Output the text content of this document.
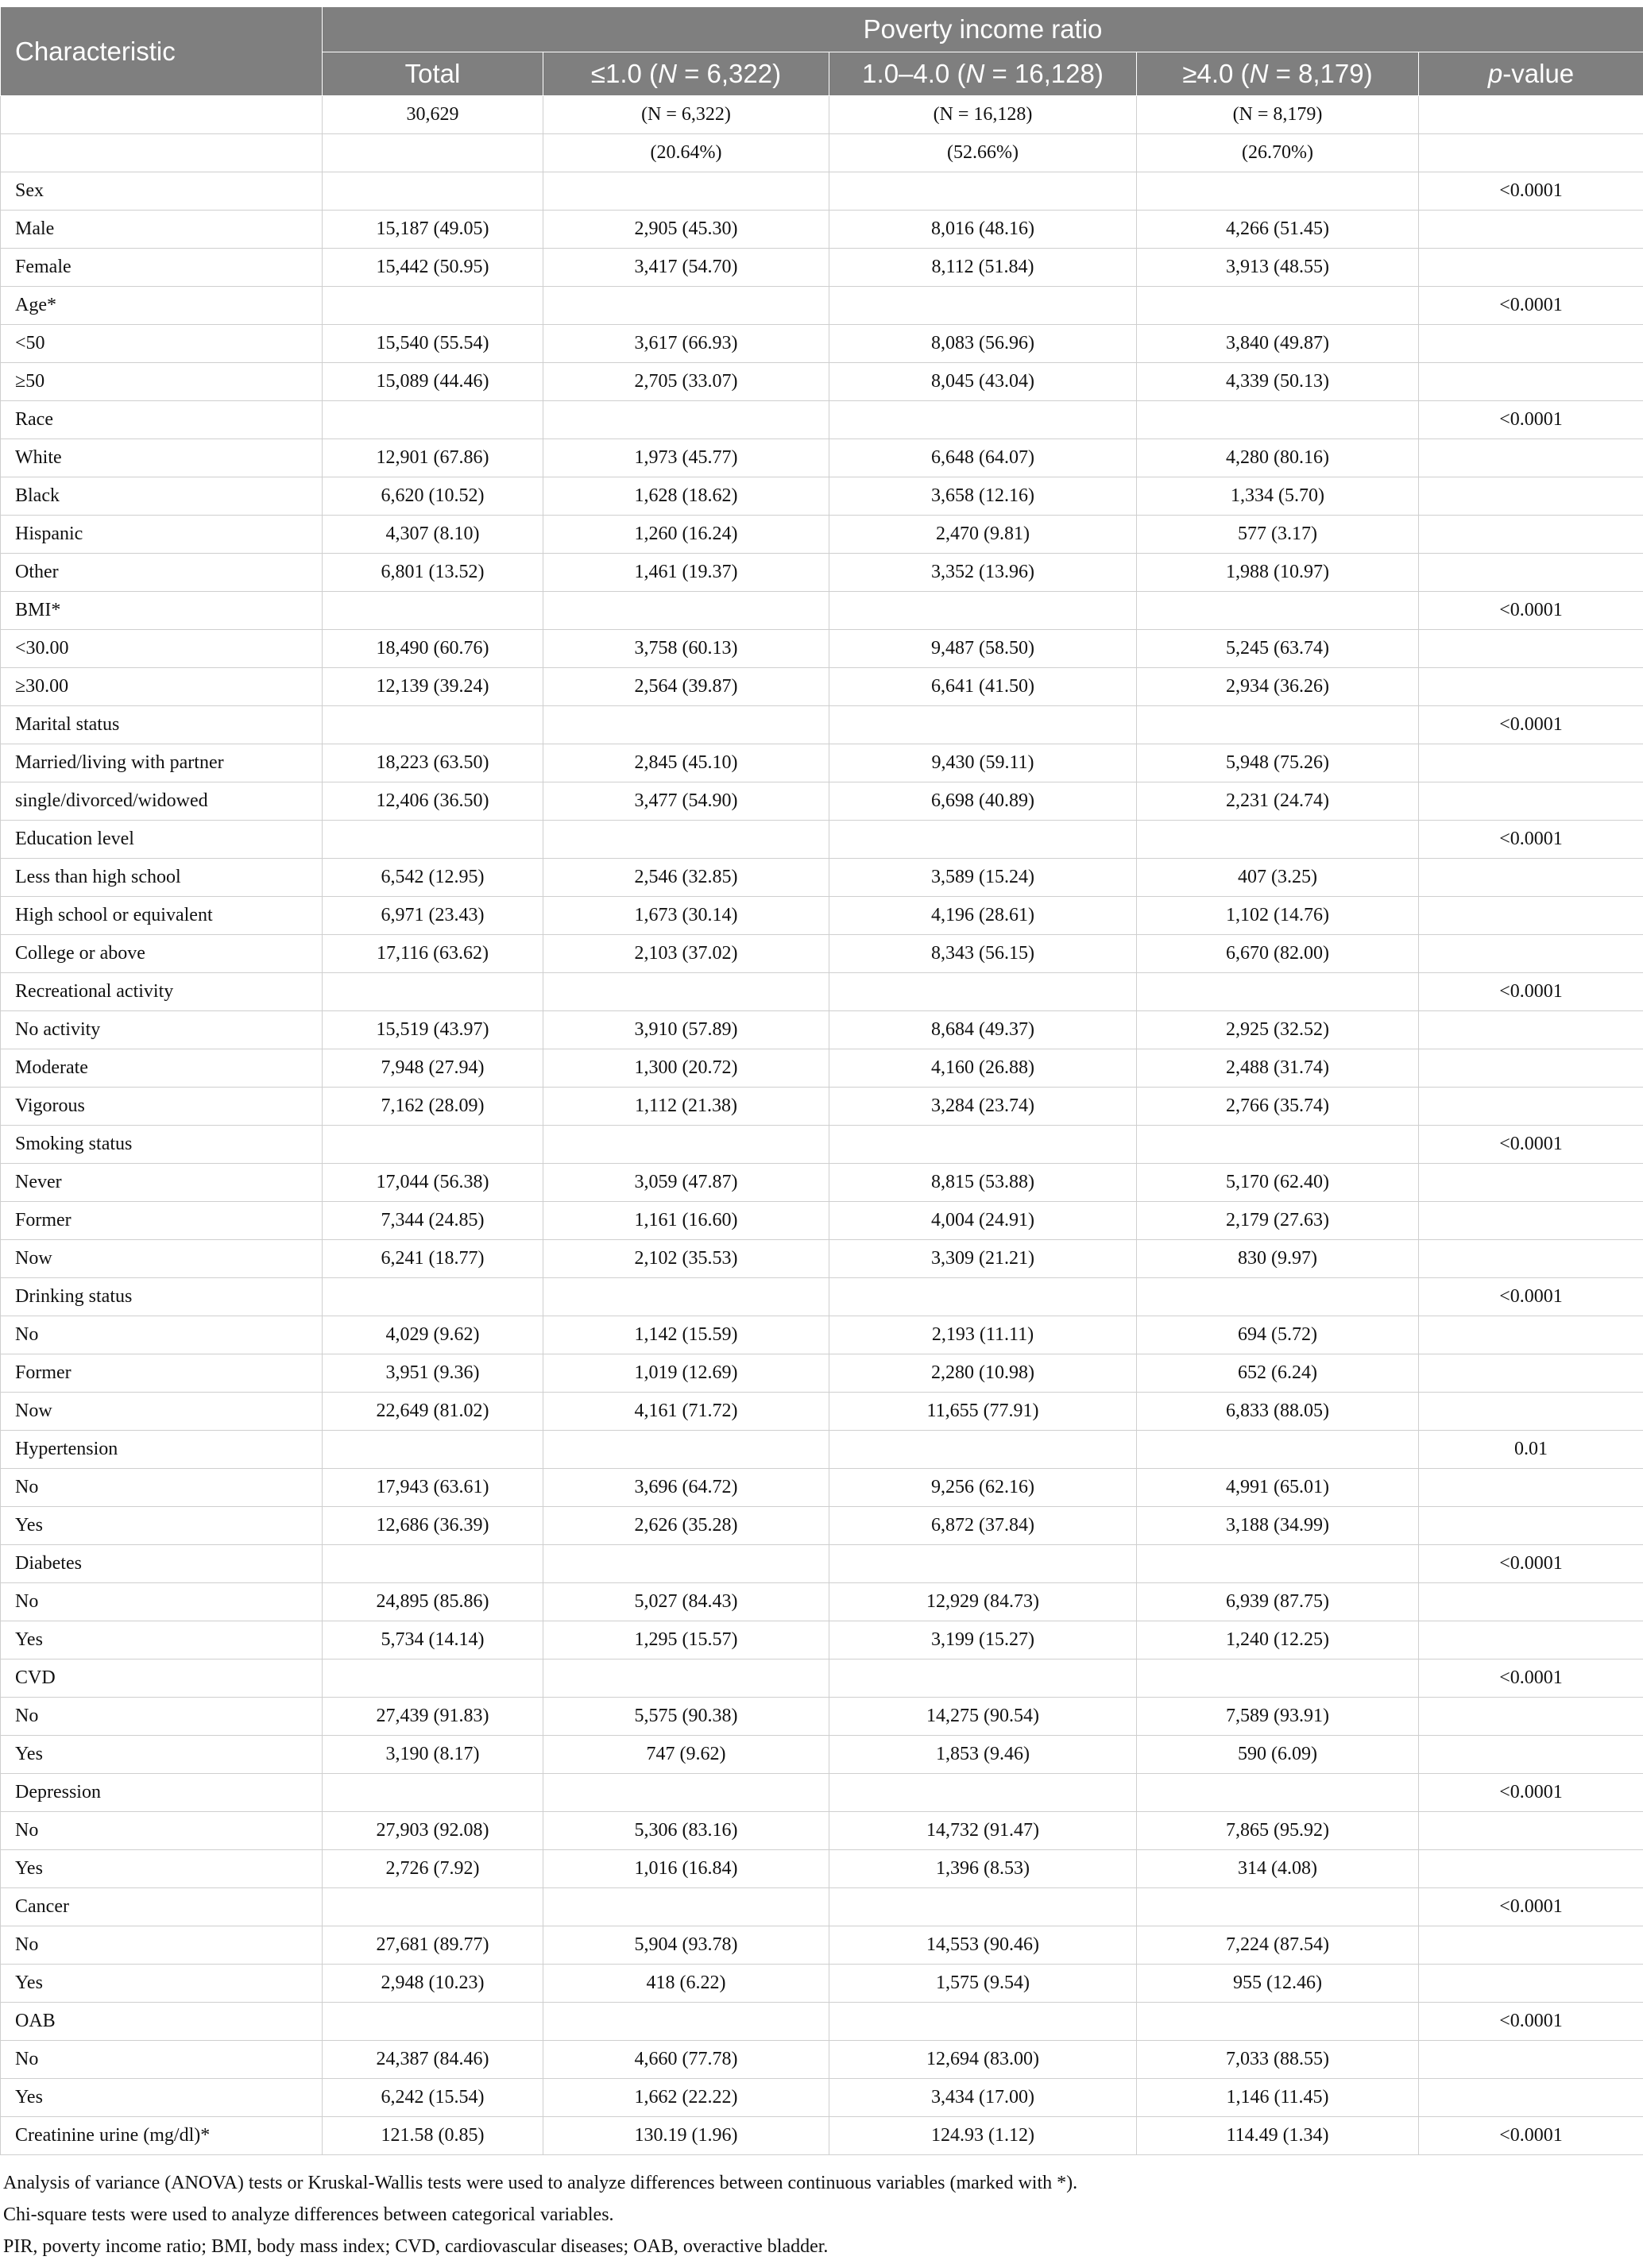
Characteristic	Poverty income ratio				
	Total	≤1.0 (N = 6,322)	1.0–4.0 (N = 16,128)	≥4.0 (N = 8,179)	p-value
	30,629	(N = 6,322)	(N = 16,128)	(N = 8,179)	
		(20.64%)	(52.66%)	(26.70%)	
Sex					<0.0001
Male	15,187 (49.05)	2,905 (45.30)	8,016 (48.16)	4,266 (51.45)	
Female	15,442 (50.95)	3,417 (54.70)	8,112 (51.84)	3,913 (48.55)	
Age*					<0.0001
<50	15,540 (55.54)	3,617 (66.93)	8,083 (56.96)	3,840 (49.87)	
≥50	15,089 (44.46)	2,705 (33.07)	8,045 (43.04)	4,339 (50.13)	
Race					<0.0001
White	12,901 (67.86)	1,973 (45.77)	6,648 (64.07)	4,280 (80.16)	
Black	6,620 (10.52)	1,628 (18.62)	3,658 (12.16)	1,334 (5.70)	
Hispanic	4,307 (8.10)	1,260 (16.24)	2,470 (9.81)	577 (3.17)	
Other	6,801 (13.52)	1,461 (19.37)	3,352 (13.96)	1,988 (10.97)	
BMI*					<0.0001
<30.00	18,490 (60.76)	3,758 (60.13)	9,487 (58.50)	5,245 (63.74)	
≥30.00	12,139 (39.24)	2,564 (39.87)	6,641 (41.50)	2,934 (36.26)	
Marital status					<0.0001
Married/living with partner	18,223 (63.50)	2,845 (45.10)	9,430 (59.11)	5,948 (75.26)	
single/divorced/widowed	12,406 (36.50)	3,477 (54.90)	6,698 (40.89)	2,231 (24.74)	
Education level					<0.0001
Less than high school	6,542 (12.95)	2,546 (32.85)	3,589 (15.24)	407 (3.25)	
High school or equivalent	6,971 (23.43)	1,673 (30.14)	4,196 (28.61)	1,102 (14.76)	
College or above	17,116 (63.62)	2,103 (37.02)	8,343 (56.15)	6,670 (82.00)	
Recreational activity					<0.0001
No activity	15,519 (43.97)	3,910 (57.89)	8,684 (49.37)	2,925 (32.52)	
Moderate	7,948 (27.94)	1,300 (20.72)	4,160 (26.88)	2,488 (31.74)	
Vigorous	7,162 (28.09)	1,112 (21.38)	3,284 (23.74)	2,766 (35.74)	
Smoking status					<0.0001
Never	17,044 (56.38)	3,059 (47.87)	8,815 (53.88)	5,170 (62.40)	
Former	7,344 (24.85)	1,161 (16.60)	4,004 (24.91)	2,179 (27.63)	
Now	6,241 (18.77)	2,102 (35.53)	3,309 (21.21)	830 (9.97)	
Drinking status					<0.0001
No	4,029 (9.62)	1,142 (15.59)	2,193 (11.11)	694 (5.72)	
Former	3,951 (9.36)	1,019 (12.69)	2,280 (10.98)	652 (6.24)	
Now	22,649 (81.02)	4,161 (71.72)	11,655 (77.91)	6,833 (88.05)	
Hypertension					0.01
No	17,943 (63.61)	3,696 (64.72)	9,256 (62.16)	4,991 (65.01)	
Yes	12,686 (36.39)	2,626 (35.28)	6,872 (37.84)	3,188 (34.99)	
Diabetes					<0.0001
No	24,895 (85.86)	5,027 (84.43)	12,929 (84.73)	6,939 (87.75)	
Yes	5,734 (14.14)	1,295 (15.57)	3,199 (15.27)	1,240 (12.25)	
CVD					<0.0001
No	27,439 (91.83)	5,575 (90.38)	14,275 (90.54)	7,589 (93.91)	
Yes	3,190 (8.17)	747 (9.62)	1,853 (9.46)	590 (6.09)	
Depression					<0.0001
No	27,903 (92.08)	5,306 (83.16)	14,732 (91.47)	7,865 (95.92)	
Yes	2,726 (7.92)	1,016 (16.84)	1,396 (8.53)	314 (4.08)	
Cancer					<0.0001
No	27,681 (89.77)	5,904 (93.78)	14,553 (90.46)	7,224 (87.54)	
Yes	2,948 (10.23)	418 (6.22)	1,575 (9.54)	955 (12.46)	
OAB					<0.0001
No	24,387 (84.46)	4,660 (77.78)	12,694 (83.00)	7,033 (88.55)	
Yes	6,242 (15.54)	1,662 (22.22)	3,434 (17.00)	1,146 (11.45)	
Creatinine urine (mg/dl)*	121.58 (0.85)	130.19 (1.96)	124.93 (1.12)	114.49 (1.34)	<0.0001

Analysis of variance (ANOVA) tests or Kruskal-Wallis tests were used to analyze differences between continuous variables (marked with *).

Chi-square tests were used to analyze differences between categorical variables.

PIR, poverty income ratio; BMI, body mass index; CVD, cardiovascular diseases; OAB, overactive bladder.
